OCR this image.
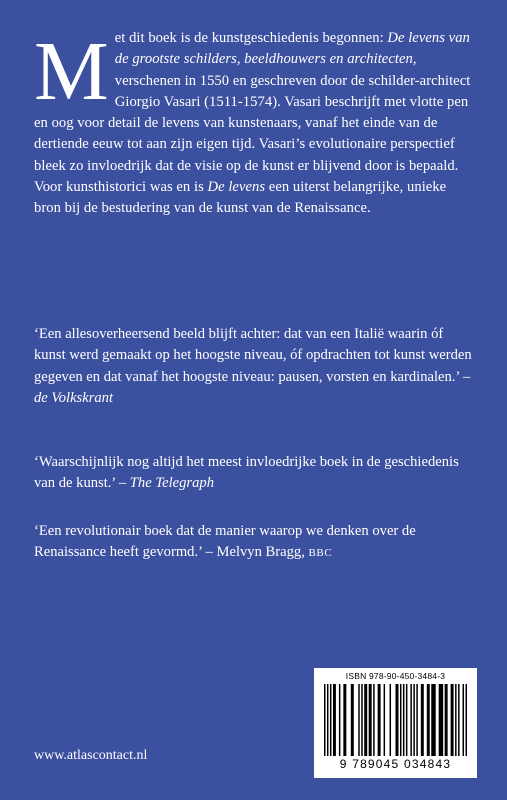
M et dit boek is de kunstgeschiedenis begonnen: De levens van de grootste schilders, beeldhouwers en architecten, verschenen in 1550 en geschreven door de schilder-architect Giorgio Vasari (1511-1574). Vasari beschrijft met vlotte pen en oog voor detail de levens van kunstenaars, vanaf het einde van de dertiende eeuw tot aan zijn eigen tijd. Vasari’s evolutionaire perspectief bleek zo invloedrijk dat de visie op de kunst er blijvend door is bepaald. Voor kunsthistorici was en is De levens een uiterst belangrijke, unieke bron bij de bestudering van de kunst van de Renaissance.

‘Een allesoverheersend beeld blijft achter: dat van een Italië waarin óf kunst werd gemaakt op het hoogste niveau, óf opdrachten tot kunst werden gegeven en dat vanaf het hoogste niveau: pausen, vorsten en kardinalen.’ – de Volkskrant

‘Waarschijnlijk nog altijd het meest invloedrijke boek in de geschiedenis van de kunst.’ – The Telegraph

‘Een revolutionair boek dat de manier waarop we denken over de Renaissance heeft gevormd.’ – Melvyn Bragg, BBC

www.atlascontact.nl
ISBN 978-90-450-3484-3
9 789045 034843
